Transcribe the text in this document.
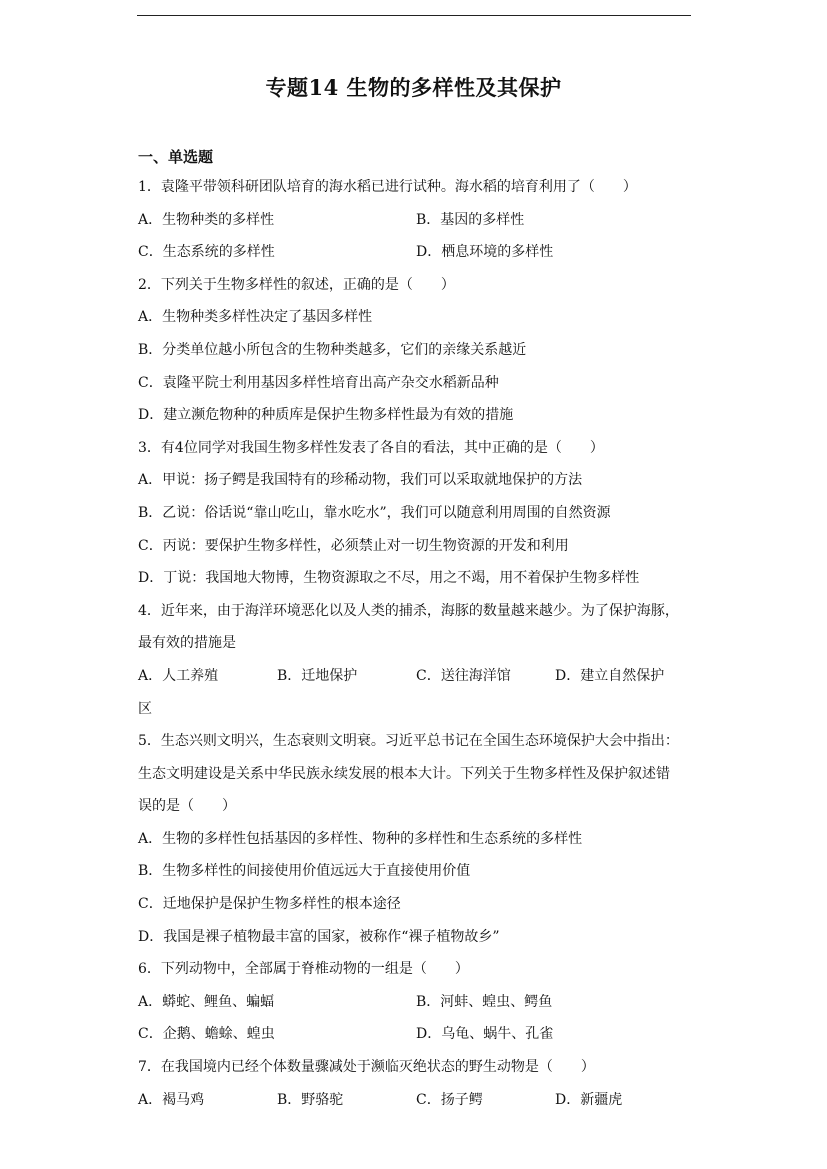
专题14 生物的多样性及其保护
一、单选题
1．袁隆平带领科研团队培育的海水稻已进行试种。海水稻的培育利用了（　　）
A．生物种类的多样性	B．基因的多样性
C．生态系统的多样性	D．栖息环境的多样性
2．下列关于生物多样性的叙述，正确的是（　　）
A．生物种类多样性决定了基因多样性
B．分类单位越小所包含的生物种类越多，它们的亲缘关系越近
C．袁隆平院士利用基因多样性培育出高产杂交水稻新品种
D．建立濒危物种的种质库是保护生物多样性最为有效的措施
3．有4位同学对我国生物多样性发表了各自的看法，其中正确的是（　　）
A．甲说：扬子鳄是我国特有的珍稀动物，我们可以采取就地保护的方法
B．乙说：俗话说“靠山吃山，靠水吃水”，我们可以随意利用周围的自然资源
C．丙说：要保护生物多样性，必须禁止对一切生物资源的开发和利用
D．丁说：我国地大物博，生物资源取之不尽，用之不竭，用不着保护生物多样性
4．近年来，由于海洋环境恶化以及人类的捕杀，海豚的数量越来越少。为了保护海豚，
最有效的措施是
A．人工养殖	B．迁地保护	C．送往海洋馆	D．建立自然保护
区
5．生态兴则文明兴，生态衰则文明衰。习近平总书记在全国生态环境保护大会中指出：
生态文明建设是关系中华民族永续发展的根本大计。下列关于生物多样性及保护叙述错
误的是（　　）
A．生物的多样性包括基因的多样性、物种的多样性和生态系统的多样性
B．生物多样性的间接使用价值远远大于直接使用价值
C．迁地保护是保护生物多样性的根本途径
D．我国是裸子植物最丰富的国家，被称作“裸子植物故乡”
6．下列动物中，全部属于脊椎动物的一组是（　　）
A．蟒蛇、鲤鱼、蝙蝠	B．河蚌、蝗虫、鳄鱼
C．企鹅、蟾蜍、蝗虫	D．乌龟、蜗牛、孔雀
7．在我国境内已经个体数量骤减处于濒临灭绝状态的野生动物是（　　）
A．褐马鸡	B．野骆驼	C．扬子鳄	D．新疆虎
